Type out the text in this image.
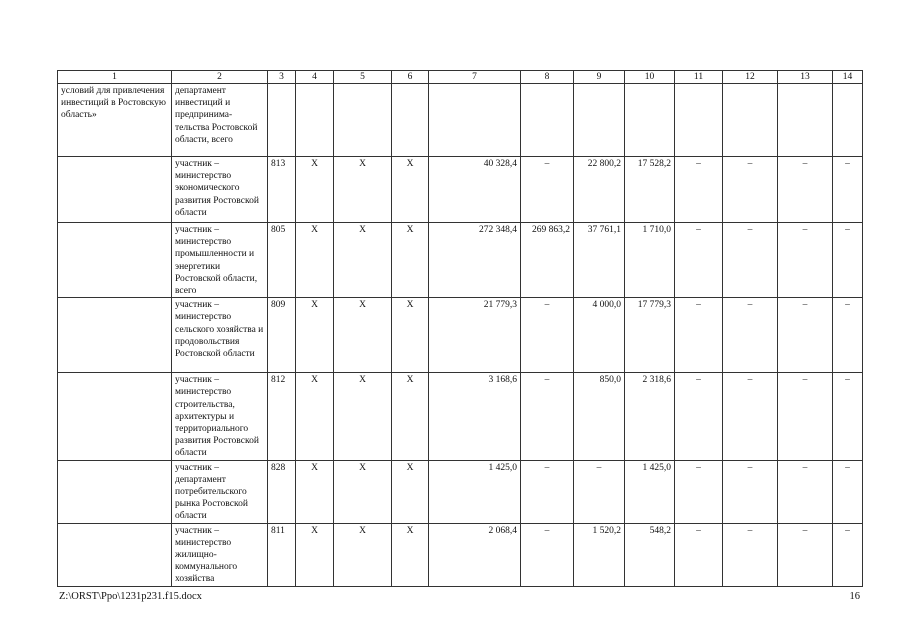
1	2	3	4	5	6	7	8	9	10	11	12	13	14
условий для привлечения инвестиций в Ростовскую область»	департамент инвестиций и предпринима-тельства Ростовской области, всего												
	участник – министерство экономического развития Ростовской области	813	Х	Х	Х	40 328,4	–	22 800,2	17 528,2	–	–	–	–
	участник – министерство промышленности и энергетики Ростовской области, всего	805	Х	Х	Х	272 348,4	269 863,2	37 761,1	1 710,0	–	–	–	–
	участник – министерство сельского хозяйства и продовольствия Ростовской области	809	Х	Х	Х	21 779,3	–	4 000,0	17 779,3	–	–	–	–
	участник – министерство строительства, архитектуры и территориального развития Ростовской области	812	Х	Х	Х	3 168,6	–	850,0	2 318,6	–	–	–	–
	участник – департамент потребительского рынка Ростовской области	828	Х	Х	Х	1 425,0	–	–	1 425,0	–	–	–	–
	участник – министерство жилищно-коммунального хозяйства	811	Х	Х	Х	2 068,4	–	1 520,2	548,2	–	–	–	–
Z:\ORST\Ppo\1231p231.f15.docx	16
